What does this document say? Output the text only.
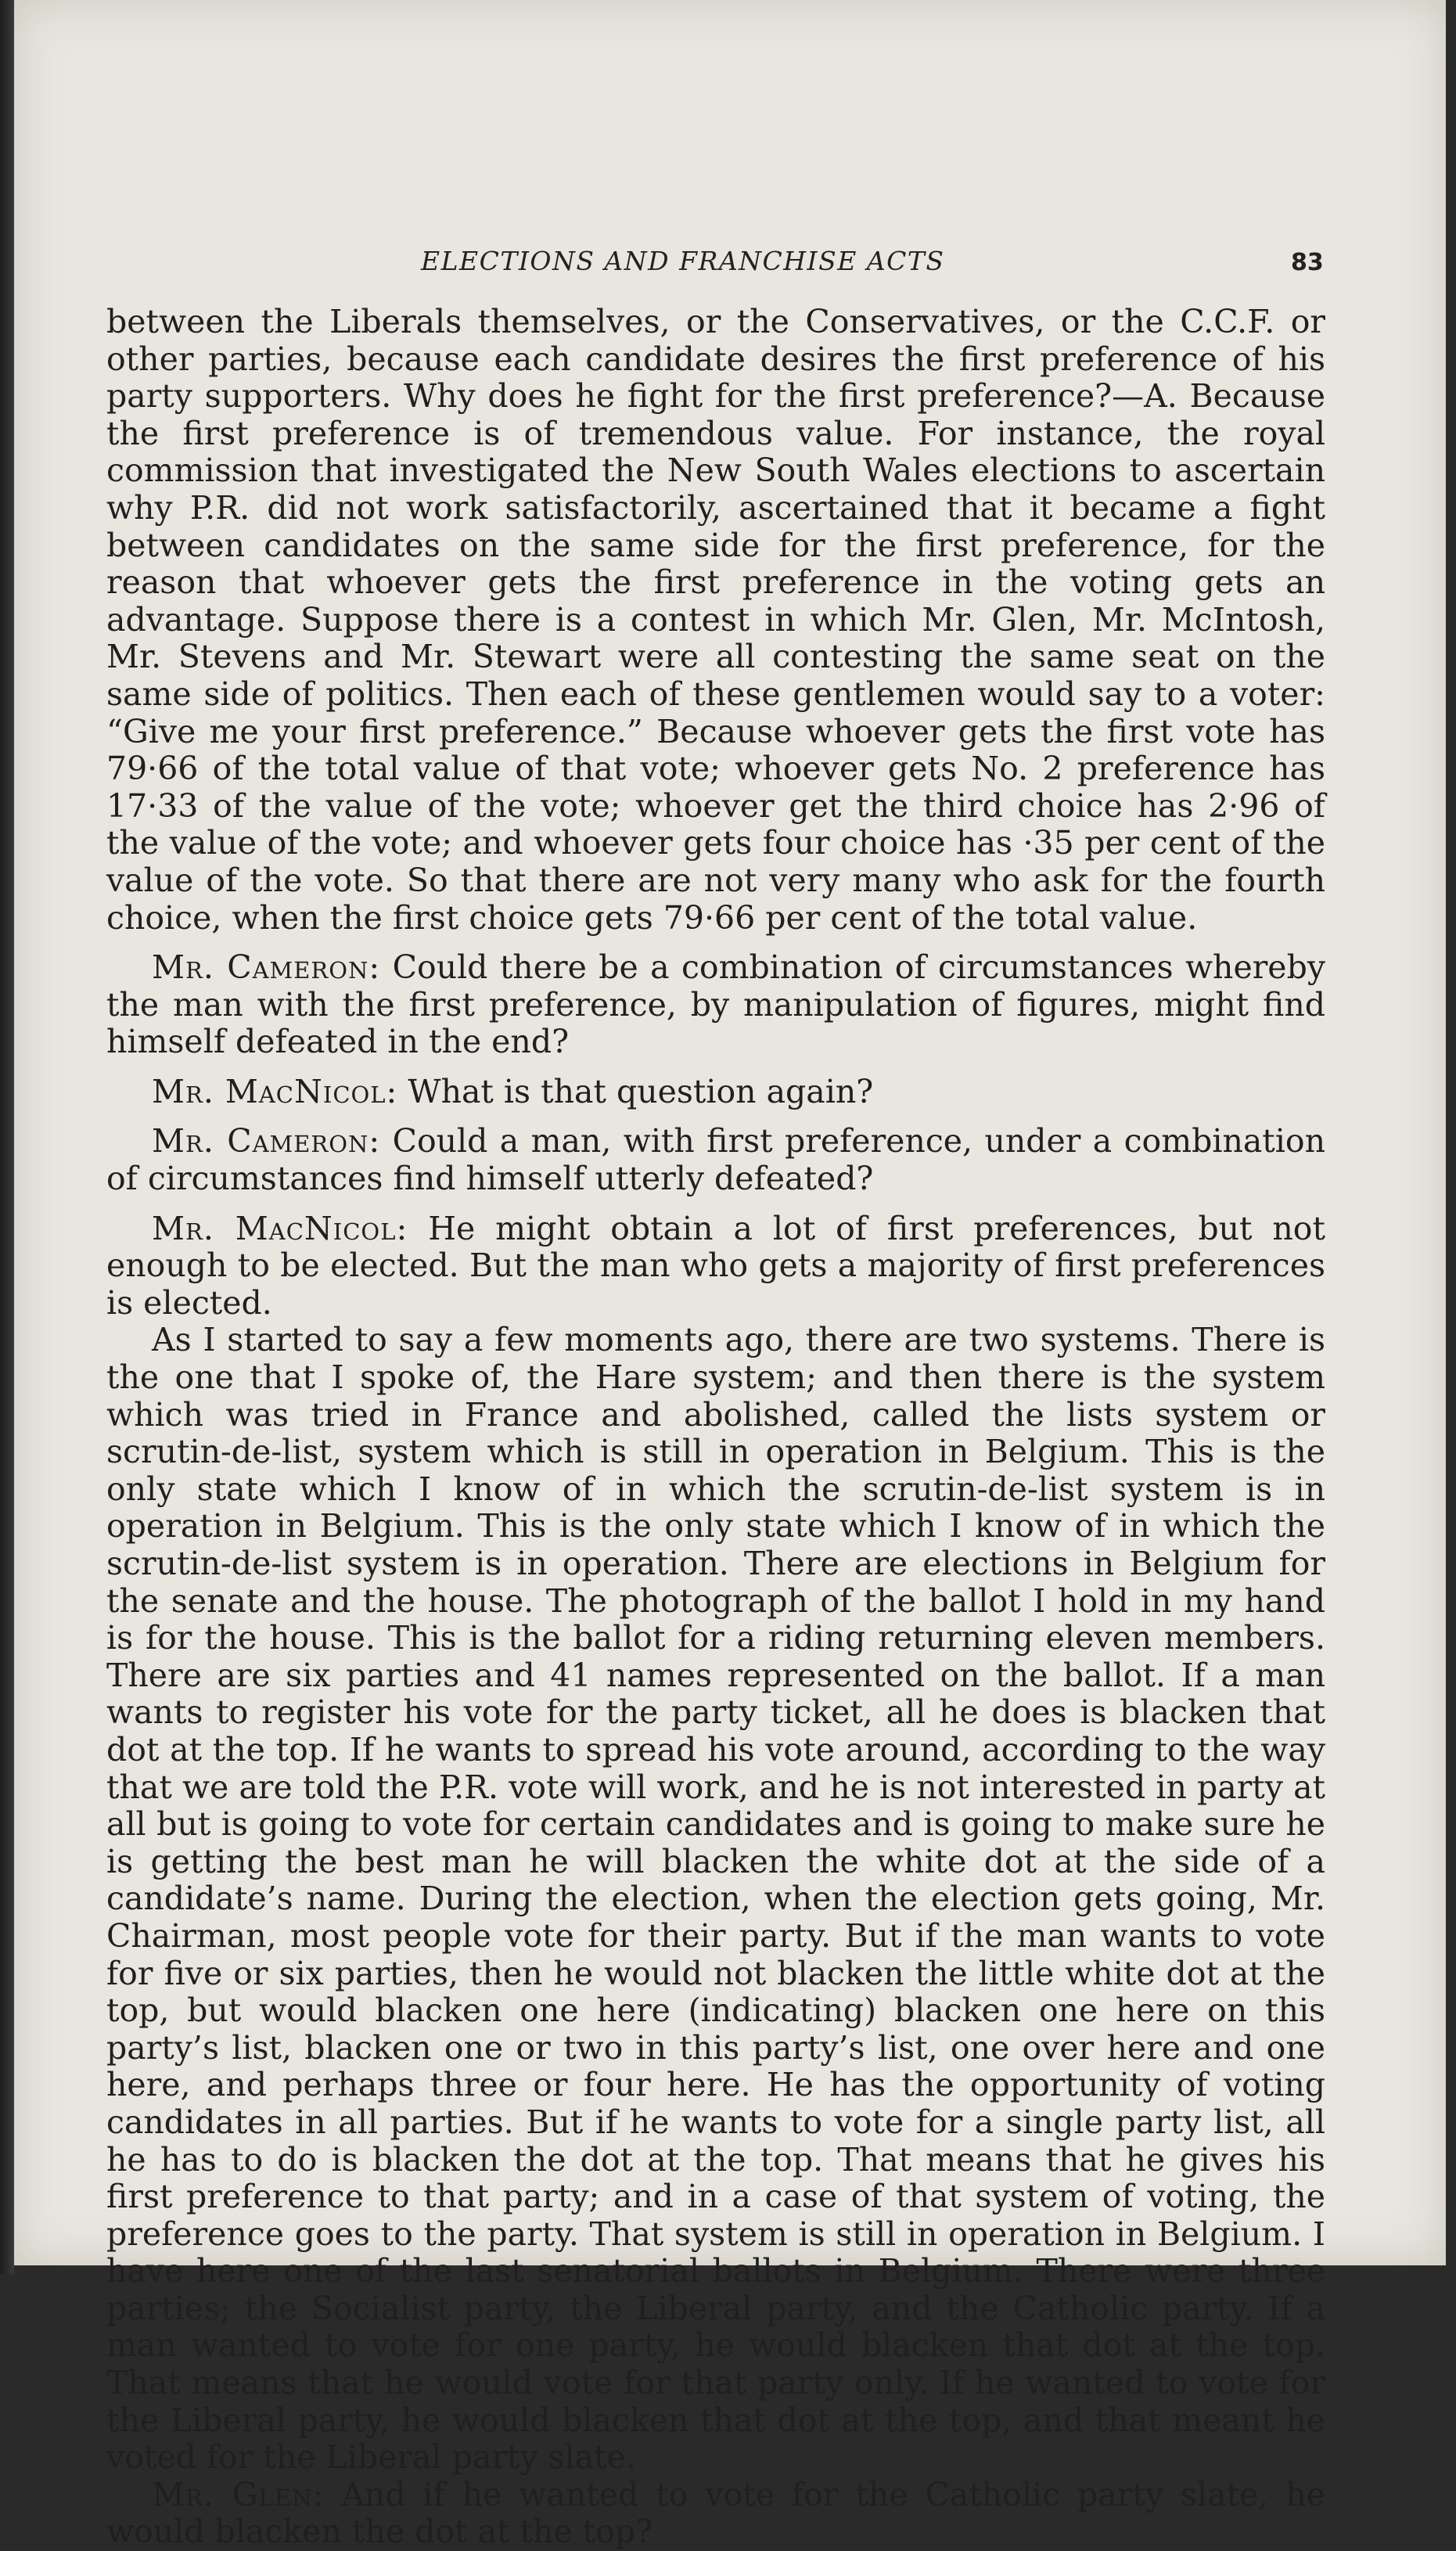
ELECTIONS AND FRANCHISE ACTS	83

between the Liberals themselves, or the Conservatives, or the C.C.F. or other parties, because each candidate desires the first preference of his party supporters. Why does he fight for the first preference?—A. Because the first preference is of tremendous value. For instance, the royal commission that investigated the New South Wales elections to ascertain why P.R. did not work satisfactorily, ascertained that it became a fight between candidates on the same side for the first preference, for the reason that whoever gets the first preference in the voting gets an advantage. Suppose there is a contest in which Mr. Glen, Mr. McIntosh, Mr. Stevens and Mr. Stewart were all contesting the same seat on the same side of politics. Then each of these gentlemen would say to a voter: “Give me your first preference.” Because whoever gets the first vote has 79·66 of the total value of that vote; whoever gets No. 2 preference has 17·33 of the value of the vote; whoever get the third choice has 2·96 of the value of the vote; and whoever gets four choice has ·35 per cent of the value of the vote. So that there are not very many who ask for the fourth choice, when the first choice gets 79·66 per cent of the total value.

Mr. Cameron: Could there be a combination of circumstances whereby the man with the first preference, by manipulation of figures, might find himself defeated in the end?

Mr. MacNicol: What is that question again?

Mr. Cameron: Could a man, with first preference, under a combination of circumstances find himself utterly defeated?

Mr. MacNicol: He might obtain a lot of first preferences, but not enough to be elected. But the man who gets a majority of first preferences is elected.

As I started to say a few moments ago, there are two systems. There is the one that I spoke of, the Hare system; and then there is the system which was tried in France and abolished, called the lists system or scrutin-de-list, system which is still in operation in Belgium. This is the only state which I know of in which the scrutin-de-list system is in operation in Belgium. This is the only state which I know of in which the scrutin-de-list system is in operation. There are elections in Belgium for the senate and the house. The photograph of the ballot I hold in my hand is for the house. This is the ballot for a riding returning eleven members. There are six parties and 41 names represented on the ballot. If a man wants to register his vote for the party ticket, all he does is blacken that dot at the top. If he wants to spread his vote around, according to the way that we are told the P.R. vote will work, and he is not interested in party at all but is going to vote for certain candidates and is going to make sure he is getting the best man he will blacken the white dot at the side of a candidate’s name. During the election, when the election gets going, Mr. Chairman, most people vote for their party. But if the man wants to vote for five or six parties, then he would not blacken the little white dot at the top, but would blacken one here (indicating) blacken one here on this party’s list, blacken one or two in this party’s list, one over here and one here, and perhaps three or four here. He has the opportunity of voting candidates in all parties. But if he wants to vote for a single party list, all he has to do is blacken the dot at the top. That means that he gives his first preference to that party; and in a case of that system of voting, the preference goes to the party. That system is still in operation in Belgium. I have here one of the last senatorial ballots in Belgium. There were three parties; the Socialist party, the Liberal party, and the Catholic party. If a man wanted to vote for one party, he would blacken that dot at the top. That means that he would vote for that party only. If he wanted to vote for the Liberal party, he would blacken that dot at the top, and that meant he voted for the Liberal party slate.

Mr. Glen: And if he wanted to vote for the Catholic party slate, he would blacken the dot at the top?
